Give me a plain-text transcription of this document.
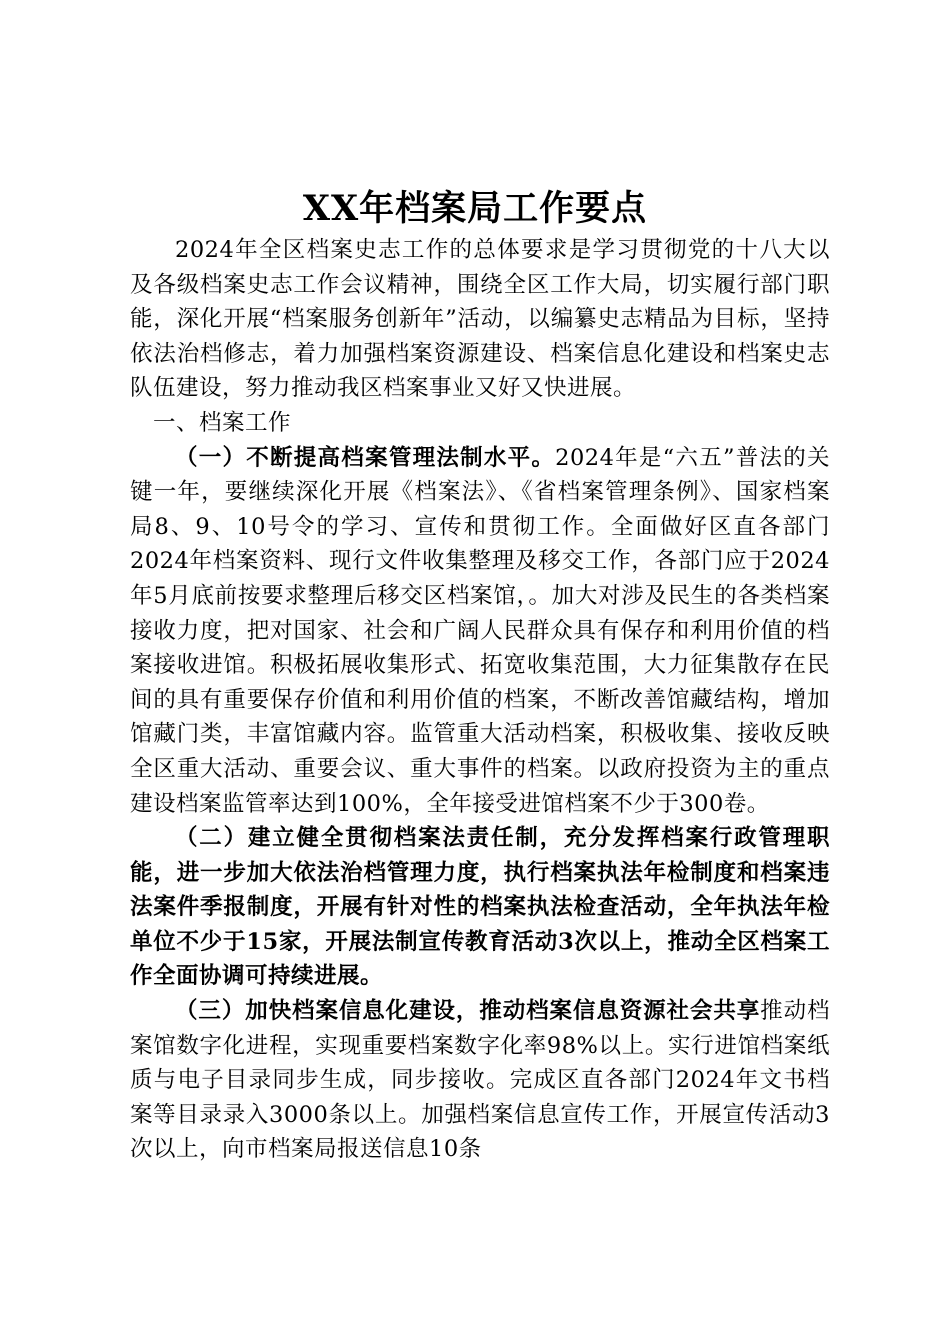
XX年档案局工作要点

2024年全区档案史志工作的总体要求是学习贯彻党的十八大以及各级档案史志工作会议精神，围绕全区工作大局，切实履行部门职能，深化开展“档案服务创新年”活动，以编纂史志精品为目标，坚持依法治档修志，着力加强档案资源建设、档案信息化建设和档案史志队伍建设，努力推动我区档案事业又好又快进展。

一、档案工作

（一）不断提高档案管理法制水平。2024年是“六五”普法的关键一年，要继续深化开展《档案法》、《省档案管理条例》、国家档案局8、9、10号令的学习、宣传和贯彻工作。全面做好区直各部门2024年档案资料、现行文件收集整理及移交工作，各部门应于2024年5月底前按要求整理后移交区档案馆，。加大对涉及民生的各类档案接收力度，把对国家、社会和广阔人民群众具有保存和利用价值的档案接收进馆。积极拓展收集形式、拓宽收集范围，大力征集散存在民间的具有重要保存价值和利用价值的档案，不断改善馆藏结构，增加馆藏门类，丰富馆藏内容。监管重大活动档案，积极收集、接收反映全区重大活动、重要会议、重大事件的档案。以政府投资为主的重点建设档案监管率达到100%，全年接受进馆档案不少于300卷。

（二）建立健全贯彻档案法责任制，充分发挥档案行政管理职能，进一步加大依法治档管理力度，执行档案执法年检制度和档案违法案件季报制度，开展有针对性的档案执法检查活动，全年执法年检单位不少于15家，开展法制宣传教育活动3次以上，推动全区档案工作全面协调可持续进展。

（三）加快档案信息化建设，推动档案信息资源社会共享推动档案馆数字化进程，实现重要档案数字化率98%以上。实行进馆档案纸质与电子目录同步生成，同步接收。完成区直各部门2024年文书档案等目录录入3000条以上。加强档案信息宣传工作，开展宣传活动3次以上，向市档案局报送信息10条
